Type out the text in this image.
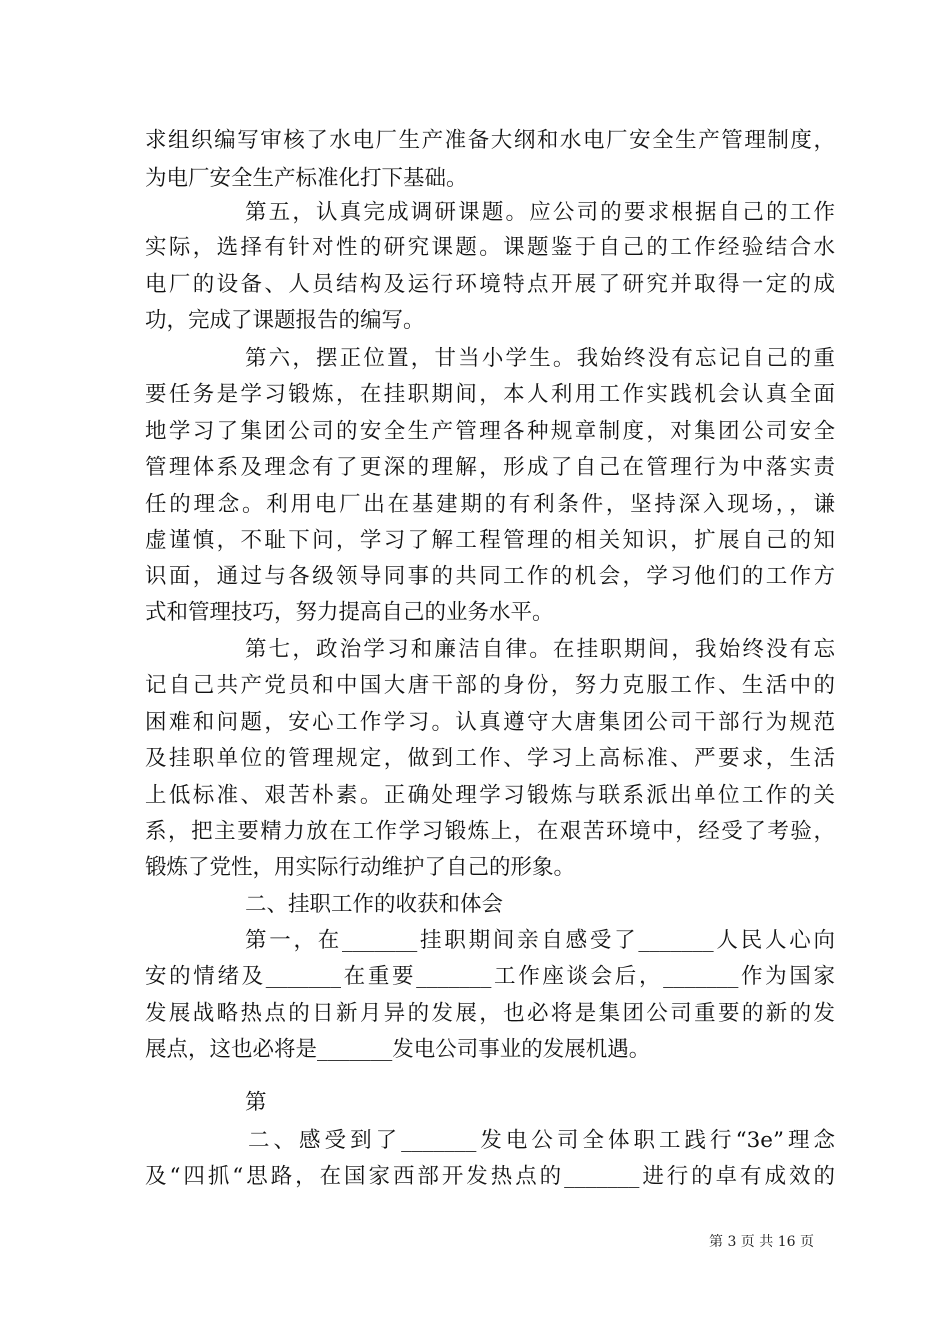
求组织编写审核了水电厂生产准备大纲和水电厂安全生产管理制度，
为电厂安全生产标准化打下基础。
第五，认真完成调研课题。应公司的要求根据自己的工作
实际，选择有针对性的研究课题。课题鉴于自己的工作经验结合水
电厂的设备、人员结构及运行环境特点开展了研究并取得一定的成
功，完成了课题报告的编写。
第六，摆正位置，甘当小学生。我始终没有忘记自己的重
要任务是学习锻炼，在挂职期间，本人利用工作实践机会认真全面
地学习了集团公司的安全生产管理各种规章制度，对集团公司安全
管理体系及理念有了更深的理解，形成了自己在管理行为中落实责
任的理念。利用电厂出在基建期的有利条件，坚持深入现场，，谦
虚谨慎，不耻下问，学习了解工程管理的相关知识，扩展自己的知
识面，通过与各级领导同事的共同工作的机会，学习他们的工作方
式和管理技巧，努力提高自己的业务水平。
第七，政治学习和廉洁自律。在挂职期间，我始终没有忘
记自己共产党员和中国大唐干部的身份，努力克服工作、生活中的
困难和问题，安心工作学习。认真遵守大唐集团公司干部行为规范
及挂职单位的管理规定，做到工作、学习上高标准、严要求，生活
上低标准、艰苦朴素。正确处理学习锻炼与联系派出单位工作的关
系，把主要精力放在工作学习锻炼上，在艰苦环境中，经受了考验，
锻炼了党性，用实际行动维护了自己的形象。
二、挂职工作的收获和体会
第一，在_______挂职期间亲自感受了_______人民人心向
安的情绪及_______在重要_______工作座谈会后，_______作为国家
发展战略热点的日新月异的发展，也必将是集团公司重要的新的发
展点，这也必将是_______发电公司事业的发展机遇。
第
二、感受到了_______发电公司全体职工践行“3e”理念
及“四抓“思路，在国家西部开发热点的_______进行的卓有成效的
第 3 页 共 16 页
